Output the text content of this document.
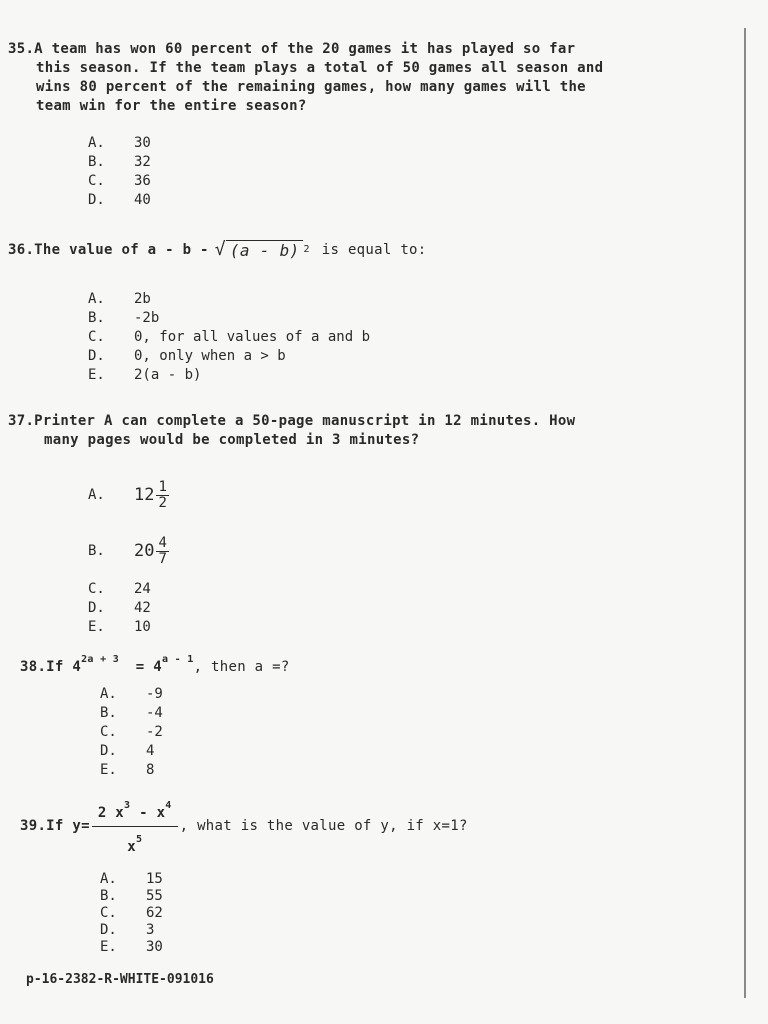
35.A team has won 60 percent of the 20 games it has played so far
this season. If the team plays a total of 50 games all season and
wins 80 percent of the remaining games, how many games will the
team win for the entire season?
A.	30
B.	32
C.	36
D.	40
36.The value of a - b - √ (a - b) 2 is equal to:
A.	2b
B.	-2b
C.	0, for all values of a and b
D.	0, only when a > b
E.	2(a - b)
37.Printer A can complete a 50-page manuscript in 12 minutes. How
many pages would be completed in 3 minutes?
A.	$12 \frac{1}{2}$
B.	$20 \frac{4}{7}$
C.	24
D.	42
E.	10
38.If $4^{2a + 3} = 4^{a - 1}$, then a =?
A.	-9
B.	-4
C.	-2
D.	4
E.	8
39.If $y= \frac{2 x^3 - x^4}{x^5}$ , what is the value of y, if x=1?
A.	15
B.	55
C.	62
D.	3
E.	30
p-16-2382-R-WHITE-091016
